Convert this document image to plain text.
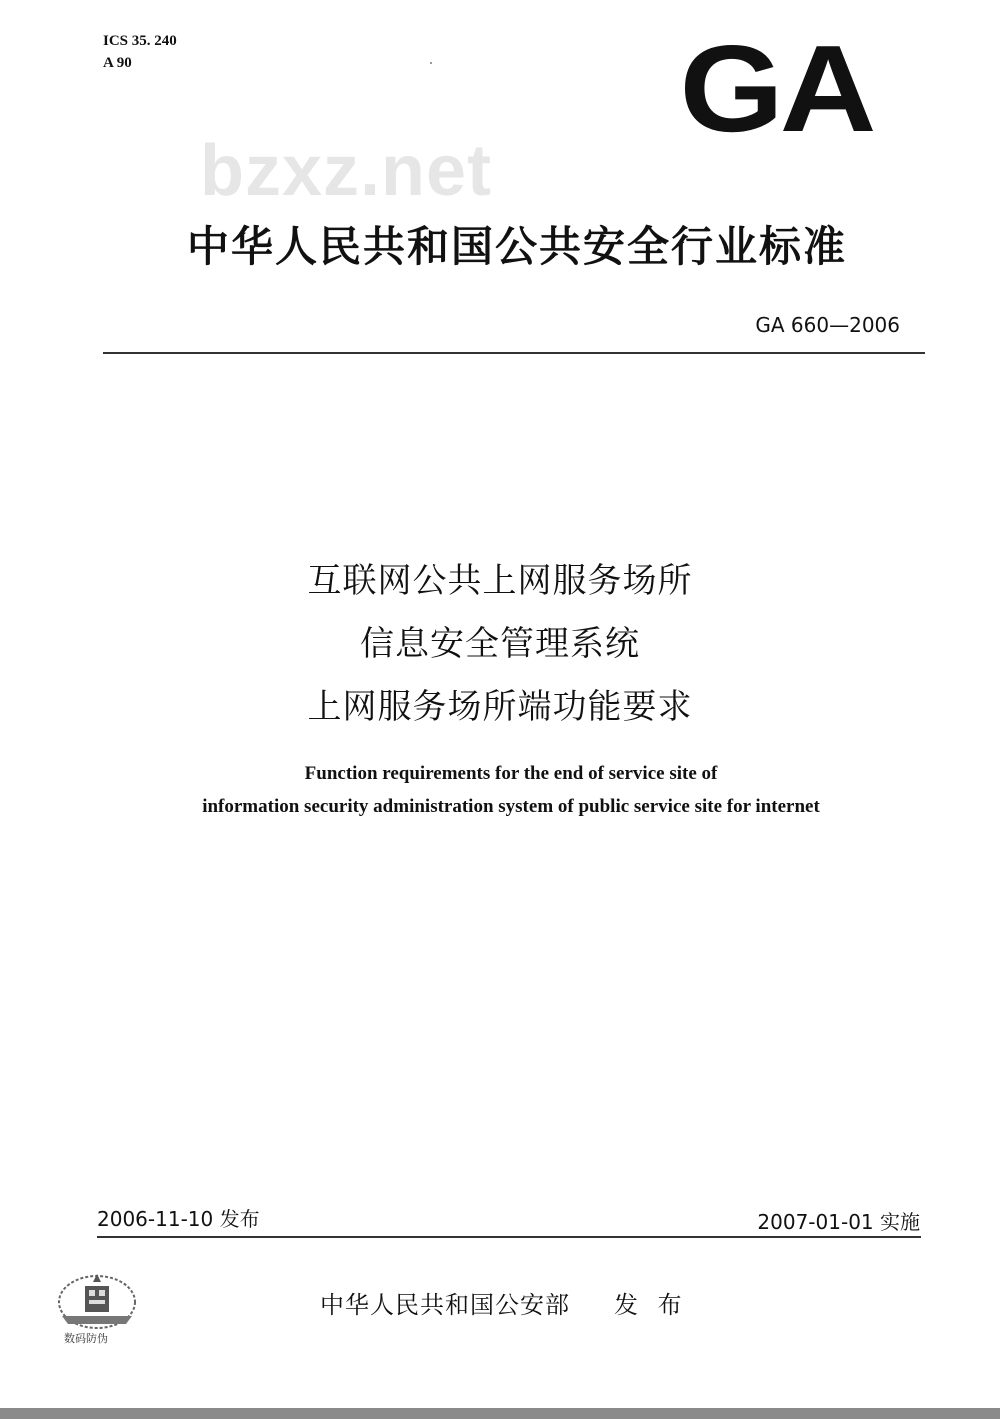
ICS 35. 240
A 90	GA
bzxz.net
中华人民共和国公共安全行业标准
GA 660—2006
互联网公共上网服务场所
信息安全管理系统
上网服务场所端功能要求
Function requirements for the end of service site of
information security administration system of public service site for internet
2006-11-10 发布	2007-01-01 实施
数码防伪
中华人民共和国公安部 发 布
